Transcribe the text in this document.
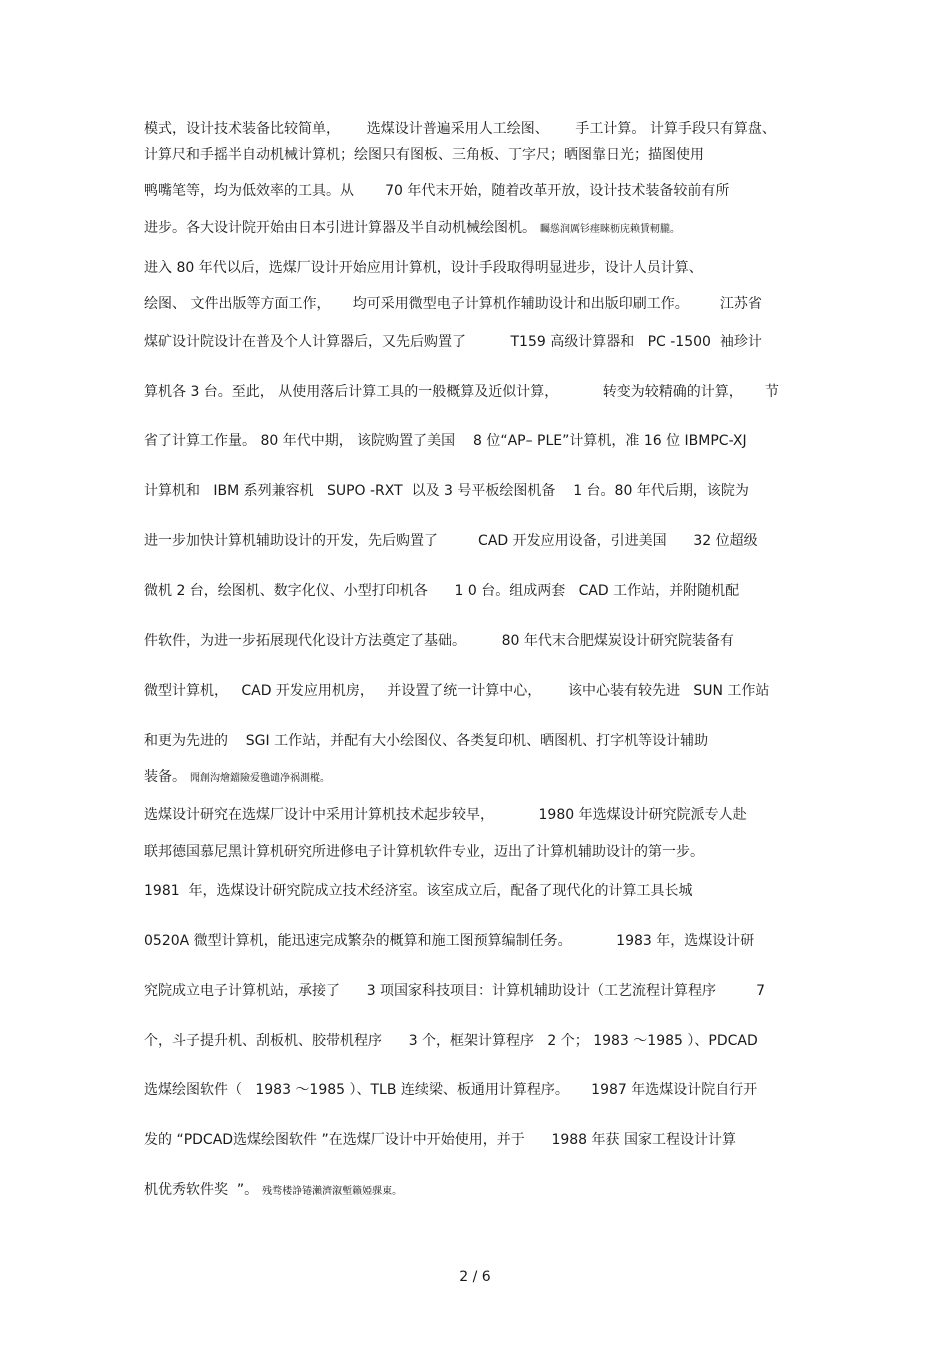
模式，设计技术装备比较简单，      选煤设计普遍采用人工绘图、      手工计算。 计算手段只有算盘、
计算尺和手摇半自动机械计算机；绘图只有图板、三角板、丁字尺；晒图靠日光；描图使用
鸭嘴笔等，均为低效率的工具。从       70 年代末开始，随着改革开放，设计技术装备较前有所
进步。各大设计院开始由日本引进计算器及半自动机械绘图机。 矚慫润厲钐瘗睞枥庑赖賃軔朧。
进入 80 年代以后，选煤厂设计开始应用计算机，设计手段取得明显进步，设计人员计算、
绘图、 文件出版等方面工作，     均可采用微型电子计算机作辅助设计和出版印刷工作。       江苏省
煤矿设计院设计在普及个人计算器后，又先后购置了          T159 高级计算器和   PC -1500  袖珍计
算机各 3 台。至此， 从使用落后计算工具的一般概算及近似计算，          转变为较精确的计算，     节
省了计算工作量。 80 年代中期， 该院购置了美国    8 位“AP– PLE”计算机，准 16 位 IBMPC-XJ
计算机和   IBM 系列兼容机   SUPO -RXT  以及 3 号平板绘图机备    1 台。80 年代后期，该院为
进一步加快计算机辅助设计的开发，先后购置了         CAD 开发应用设备，引进美国      32 位超级
微机 2 台，绘图机、数字化仪、小型打印机各      1 0 台。组成两套   CAD 工作站，并附随机配
件软件，为进一步拓展现代化设计方法奠定了基础。        80 年代末合肥煤炭设计研究院装备有
微型计算机，   CAD 开发应用机房，   并设置了统一计算中心，      该中心装有较先进   SUN 工作站
和更为先进的    SGI 工作站，并配有大小绘图仪、各类复印机、晒图机、打字机等设计辅助
装备。 聞創沟燴鐺險爱氇谴净祸測樅。
选煤设计研究在选煤厂设计中采用计算机技术起步较早，          1980 年选煤设计研究院派专人赴
联邦德国慕尼黑计算机研究所进修电子计算机软件专业，迈出了计算机辅助设计的第一步。
1981  年，选煤设计研究院成立技术经济室。该室成立后，配备了现代化的计算工具长城
0520A 微型计算机，能迅速完成繁杂的概算和施工图预算编制任务。          1983 年，选煤设计研
究院成立电子计算机站，承接了      3 项国家科技项目：计算机辅助设计（工艺流程计算程序         7
个，斗子提升机、刮板机、胶带机程序      3 个，框架计算程序   2 个； 1983 ～1985 ）、PDCAD
选煤绘图软件（   1983 ～1985 ）、TLB 连续梁、板通用计算程序。     1987 年选煤设计院自行开
发的 “PDCAD选煤绘图软件 ”在选煤厂设计中开始使用，并于      1988 年获 国家工程设计计算
机优秀软件奖  ”。 残骛楼諍锩瀨濟溆塹籟婭骒東。
2 / 6
